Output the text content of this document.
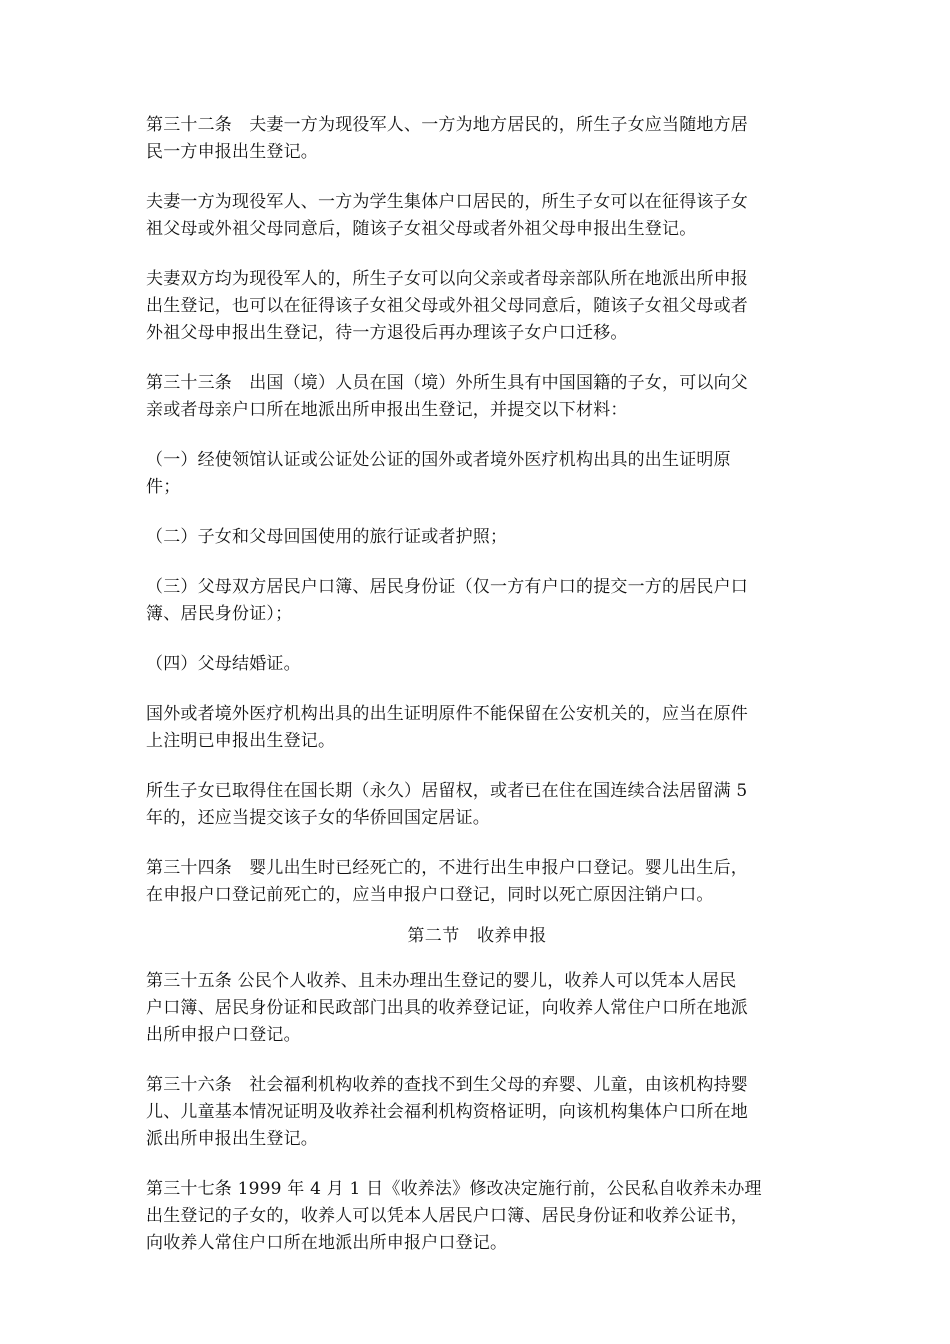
第三十二条　夫妻一方为现役军人、一方为地方居民的，所生子女应当随地方居
民一方申报出生登记。

夫妻一方为现役军人、一方为学生集体户口居民的，所生子女可以在征得该子女
祖父母或外祖父母同意后，随该子女祖父母或者外祖父母申报出生登记。

夫妻双方均为现役军人的，所生子女可以向父亲或者母亲部队所在地派出所申报
出生登记，也可以在征得该子女祖父母或外祖父母同意后，随该子女祖父母或者
外祖父母申报出生登记，待一方退役后再办理该子女户口迁移。

第三十三条　出国（境）人员在国（境）外所生具有中国国籍的子女，可以向父
亲或者母亲户口所在地派出所申报出生登记，并提交以下材料：

（一）经使领馆认证或公证处公证的国外或者境外医疗机构出具的出生证明原
件；

（二）子女和父母回国使用的旅行证或者护照；

（三）父母双方居民户口簿、居民身份证（仅一方有户口的提交一方的居民户口
簿、居民身份证）；

（四）父母结婚证。

国外或者境外医疗机构出具的出生证明原件不能保留在公安机关的，应当在原件
上注明已申报出生登记。

所生子女已取得住在国长期（永久）居留权，或者已在住在国连续合法居留满 5
年的，还应当提交该子女的华侨回国定居证。

第三十四条　婴儿出生时已经死亡的，不进行出生申报户口登记。婴儿出生后，
在申报户口登记前死亡的，应当申报户口登记，同时以死亡原因注销户口。

第二节　收养申报

第三十五条 公民个人收养、且未办理出生登记的婴儿，收养人可以凭本人居民
户口簿、居民身份证和民政部门出具的收养登记证，向收养人常住户口所在地派
出所申报户口登记。

第三十六条　社会福利机构收养的查找不到生父母的弃婴、儿童，由该机构持婴
儿、儿童基本情况证明及收养社会福利机构资格证明，向该机构集体户口所在地
派出所申报出生登记。

第三十七条 1999 年 4 月 1 日《收养法》修改决定施行前，公民私自收养未办理
出生登记的子女的，收养人可以凭本人居民户口簿、居民身份证和收养公证书，
向收养人常住户口所在地派出所申报户口登记。
